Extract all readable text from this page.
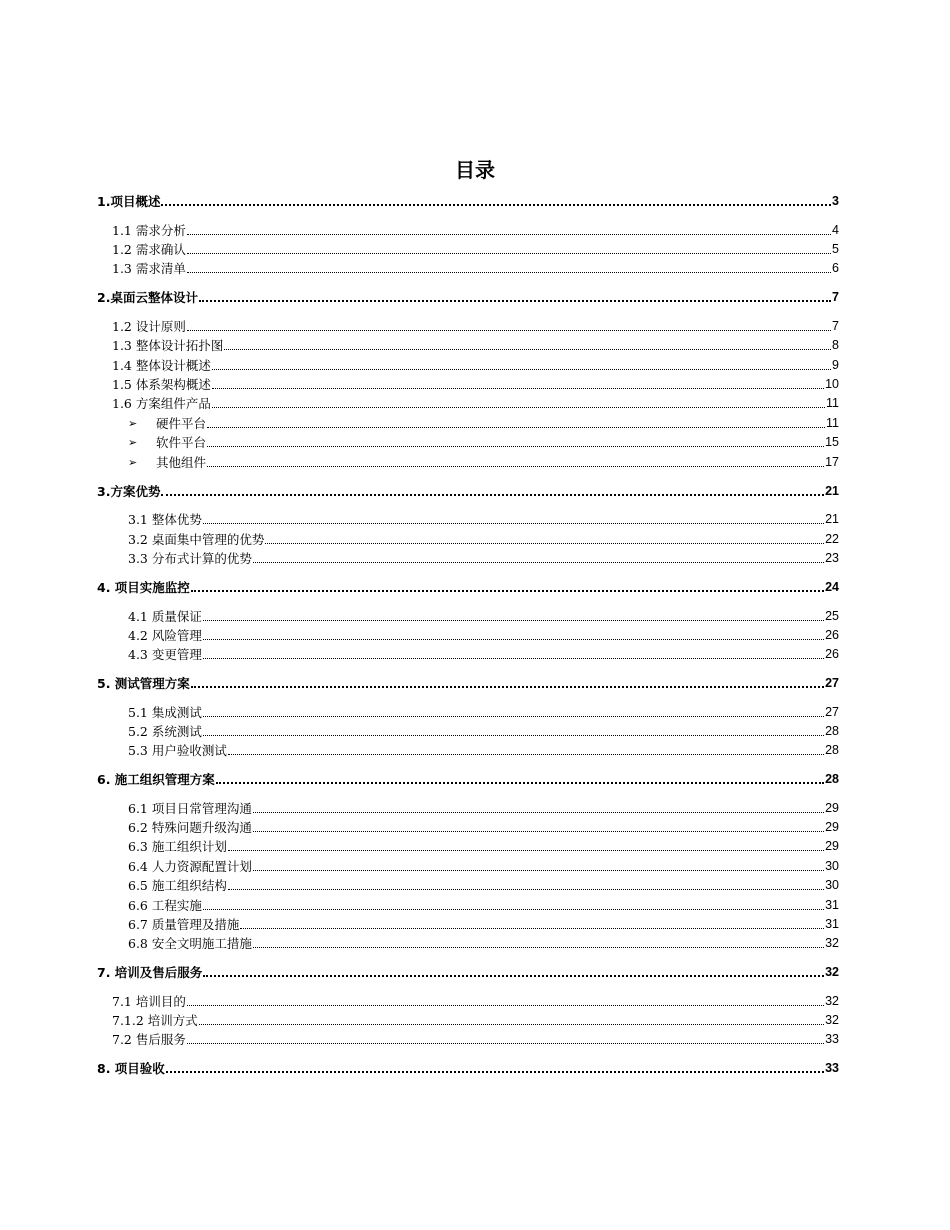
目录
1.项目概述	3
1.1 需求分析	4
1.2 需求确认	5
1.3 需求清单	6
2.桌面云整体设计	7
1.2 设计原则	7
1.3 整体设计拓扑图	8
1.4 整体设计概述	9
1.5 体系架构概述	10
1.6 方案组件产品	11
➢	硬件平台	11
➢	软件平台	15
➢	其他组件	17
3.方案优势	21
3.1 整体优势	21
3.2 桌面集中管理的优势	22
3.3 分布式计算的优势	23
4. 项目实施监控	24
4.1 质量保证	25
4.2 风险管理	26
4.3 变更管理	26
5. 测试管理方案	27
5.1 集成测试	27
5.2 系统测试	28
5.3 用户验收测试	28
6. 施工组织管理方案	28
6.1 项目日常管理沟通	29
6.2 特殊问题升级沟通	29
6.3 施工组织计划	29
6.4 人力资源配置计划	30
6.5 施工组织结构	30
6.6 工程实施	31
6.7 质量管理及措施	31
6.8 安全文明施工措施	32
7. 培训及售后服务	32
7.1 培训目的	32
7.1.2 培训方式	32
7.2 售后服务	33
8. 项目验收	33
